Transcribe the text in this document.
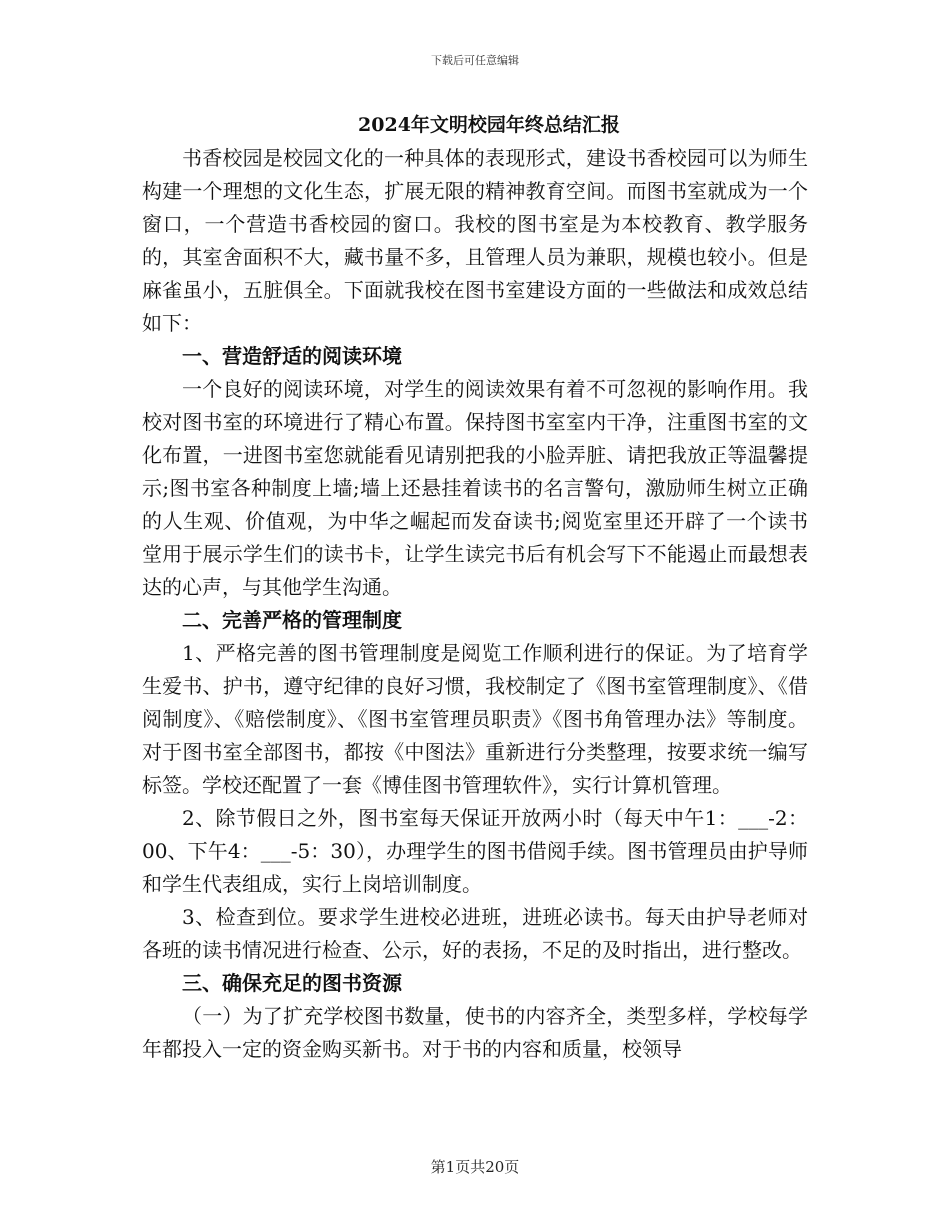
下载后可任意编辑
2024年文明校园年终总结汇报

书香校园是校园文化的一种具体的表现形式，建设书香校园可以为师生构建一个理想的文化生态，扩展无限的精神教育空间。而图书室就成为一个窗口，一个营造书香校园的窗口。我校的图书室是为本校教育、教学服务的，其室舍面积不大，藏书量不多，且管理人员为兼职，规模也较小。但是麻雀虽小，五脏俱全。下面就我校在图书室建设方面的一些做法和成效总结如下：

一、营造舒适的阅读环境

一个良好的阅读环境，对学生的阅读效果有着不可忽视的影响作用。我校对图书室的环境进行了精心布置。保持图书室室内干净，注重图书室的文化布置，一进图书室您就能看见请别把我的小脸弄脏、请把我放正等温馨提示;图书室各种制度上墙;墙上还悬挂着读书的名言警句，激励师生树立正确的人生观、价值观，为中华之崛起而发奋读书;阅览室里还开辟了一个读书堂用于展示学生们的读书卡，让学生读完书后有机会写下不能遏止而最想表达的心声，与其他学生沟通。

二、完善严格的管理制度

1、严格完善的图书管理制度是阅览工作顺利进行的保证。为了培育学生爱书、护书，遵守纪律的良好习惯，我校制定了《图书室管理制度》、《借阅制度》、《赔偿制度》、《图书室管理员职责》《图书角管理办法》等制度。对于图书室全部图书，都按《中图法》重新进行分类整理，按要求统一编写标签。学校还配置了一套《博佳图书管理软件》，实行计算机管理。

2、除节假日之外，图书室每天保证开放两小时（每天中午1：___-2：00、下午4：___-5：30），办理学生的图书借阅手续。图书管理员由护导师和学生代表组成，实行上岗培训制度。

3、检查到位。要求学生进校必进班，进班必读书。每天由护导老师对各班的读书情况进行检查、公示，好的表扬，不足的及时指出，进行整改。

三、确保充足的图书资源

（一）为了扩充学校图书数量，使书的内容齐全，类型多样，学校每学年都投入一定的资金购买新书。对于书的内容和质量，校领导

第1页共20页
